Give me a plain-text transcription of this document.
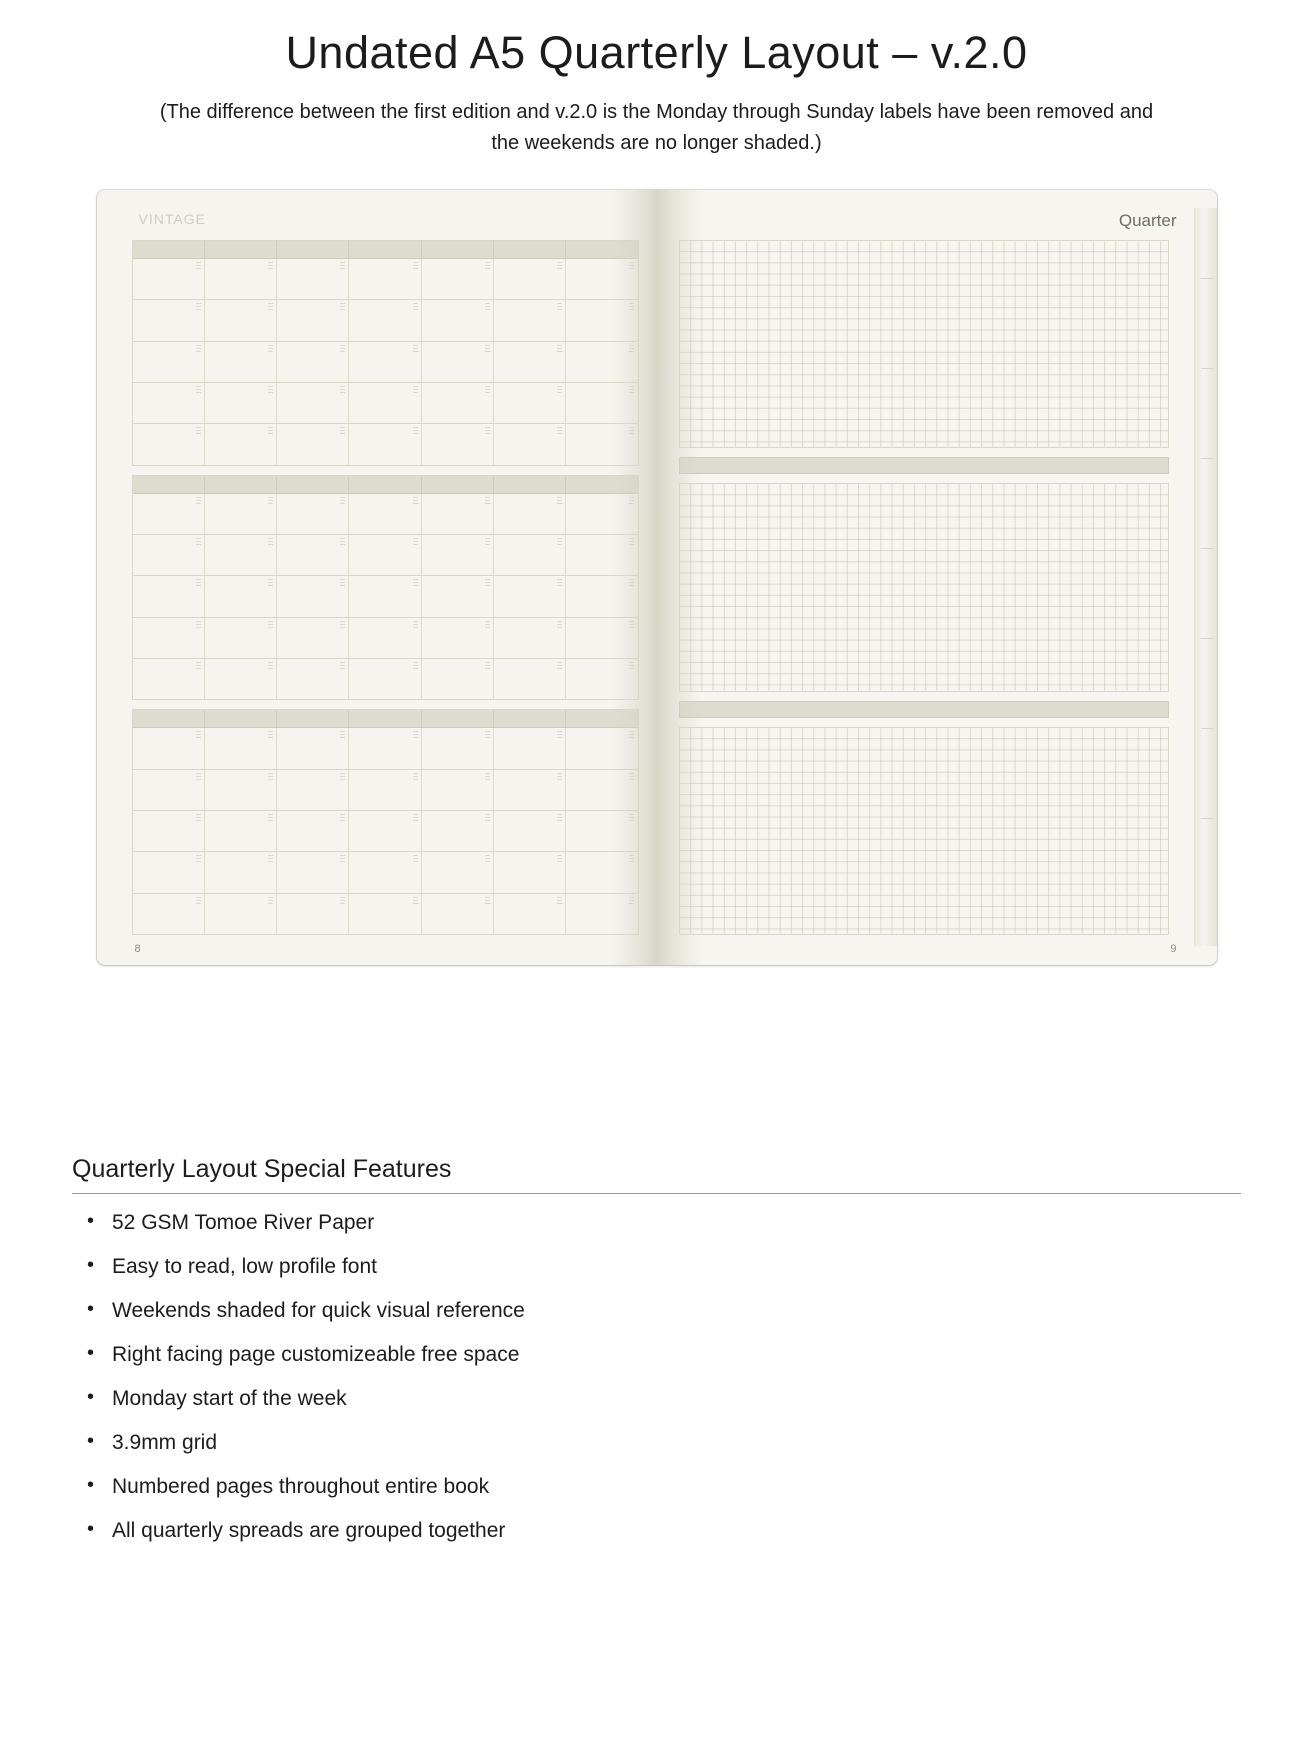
Undated A5 Quarterly Layout – v.2.0

(The difference between the first edition and v.2.0 is the Monday through Sunday labels have been removed and the weekends are no longer shaded.)

VINTAGE
8
Quarter
9
Quarterly Layout Special Features
• 52 GSM Tomoe River Paper
• Easy to read, low profile font
• Weekends shaded for quick visual reference
• Right facing page customizeable free space
• Monday start of the week
• 3.9mm grid
• Numbered pages throughout entire book
• All quarterly spreads are grouped together
